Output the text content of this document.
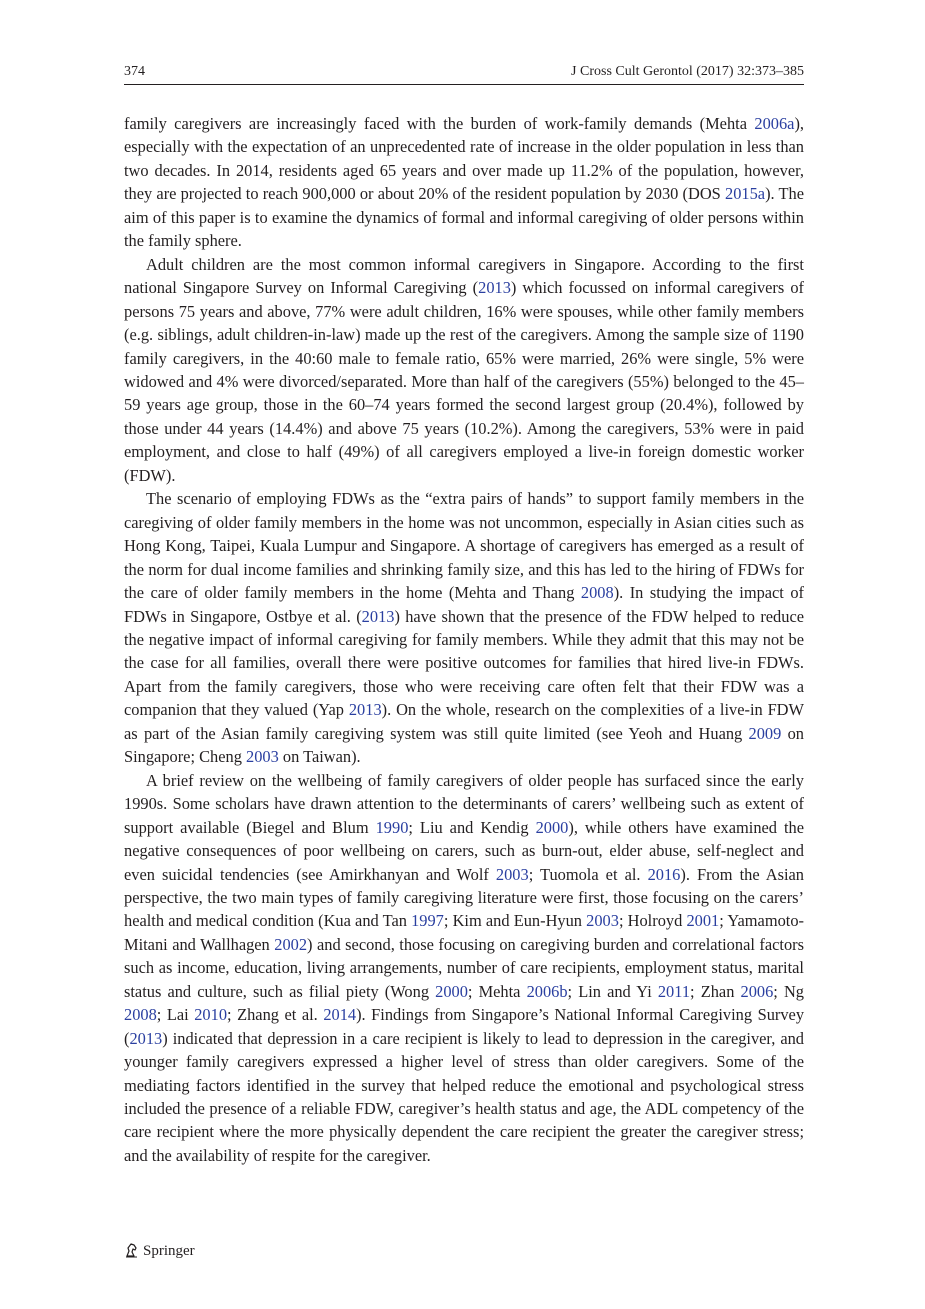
374	J Cross Cult Gerontol (2017) 32:373–385

family caregivers are increasingly faced with the burden of work-family demands (Mehta 2006a), especially with the expectation of an unprecedented rate of increase in the older population in less than two decades. In 2014, residents aged 65 years and over made up 11.2% of the population, however, they are projected to reach 900,000 or about 20% of the resident population by 2030 (DOS 2015a). The aim of this paper is to examine the dynamics of formal and informal caregiving of older persons within the family sphere.

Adult children are the most common informal caregivers in Singapore. According to the first national Singapore Survey on Informal Caregiving (2013) which focussed on informal caregivers of persons 75 years and above, 77% were adult children, 16% were spouses, while other family members (e.g. siblings, adult children-in-law) made up the rest of the caregivers. Among the sample size of 1190 family caregivers, in the 40:60 male to female ratio, 65% were married, 26% were single, 5% were widowed and 4% were divorced/separated. More than half of the caregivers (55%) belonged to the 45–59 years age group, those in the 60–74 years formed the second largest group (20.4%), followed by those under 44 years (14.4%) and above 75 years (10.2%). Among the caregivers, 53% were in paid employment, and close to half (49%) of all caregivers employed a live-in foreign domestic worker (FDW).

The scenario of employing FDWs as the “extra pairs of hands” to support family members in the caregiving of older family members in the home was not uncommon, especially in Asian cities such as Hong Kong, Taipei, Kuala Lumpur and Singapore. A shortage of caregivers has emerged as a result of the norm for dual income families and shrinking family size, and this has led to the hiring of FDWs for the care of older family members in the home (Mehta and Thang 2008). In studying the impact of FDWs in Singapore, Ostbye et al. (2013) have shown that the presence of the FDW helped to reduce the negative impact of informal caregiving for family members. While they admit that this may not be the case for all families, overall there were positive outcomes for families that hired live-in FDWs. Apart from the family caregivers, those who were receiving care often felt that their FDW was a companion that they valued (Yap 2013). On the whole, research on the complexities of a live-in FDW as part of the Asian family caregiving system was still quite limited (see Yeoh and Huang 2009 on Singapore; Cheng 2003 on Taiwan).

A brief review on the wellbeing of family caregivers of older people has surfaced since the early 1990s. Some scholars have drawn attention to the determinants of carers’ wellbeing such as extent of support available (Biegel and Blum 1990; Liu and Kendig 2000), while others have examined the negative consequences of poor wellbeing on carers, such as burn-out, elder abuse, self-neglect and even suicidal tendencies (see Amirkhanyan and Wolf 2003; Tuomola et al. 2016). From the Asian perspective, the two main types of family caregiving literature were first, those focusing on the carers’ health and medical condition (Kua and Tan 1997; Kim and Eun-Hyun 2003; Holroyd 2001; Yamamoto-Mitani and Wallhagen 2002) and second, those focusing on caregiving burden and correlational factors such as income, education, living arrangements, number of care recipients, employment status, marital status and culture, such as filial piety (Wong 2000; Mehta 2006b; Lin and Yi 2011; Zhan 2006; Ng 2008; Lai 2010; Zhang et al. 2014). Findings from Singapore’s National Informal Caregiving Survey (2013) indicated that depression in a care recipient is likely to lead to depression in the caregiver, and younger family caregivers expressed a higher level of stress than older caregivers. Some of the mediating factors identified in the survey that helped reduce the emotional and psychological stress included the presence of a reliable FDW, caregiver’s health status and age, the ADL competency of the care recipient where the more physically dependent the care recipient the greater the caregiver stress; and the availability of respite for the caregiver.

Springer
